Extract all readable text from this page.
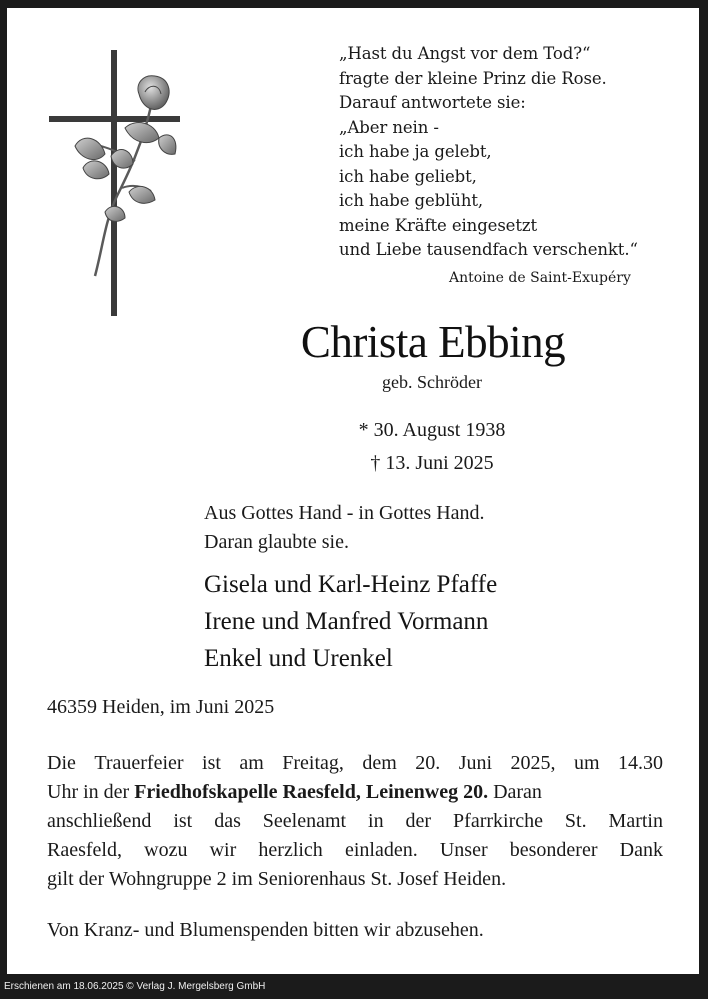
„Hast du Angst vor dem Tod?“
fragte der kleine Prinz die Rose.
Darauf antwortete sie:
„Aber nein -
ich habe ja gelebt,
ich habe geliebt,
ich habe geblüht,
meine Kräfte eingesetzt
und Liebe tausendfach verschenkt.“
Antoine de Saint-Exupéry
Christa Ebbing
geb. Schröder
* 30. August 1938
† 13. Juni 2025
Aus Gottes Hand - in Gottes Hand.
Daran glaubte sie.
Gisela und Karl-Heinz Pfaffe
Irene und Manfred Vormann
Enkel und Urenkel
46359 Heiden, im Juni 2025
Die Trauerfeier ist am Freitag, dem 20. Juni 2025, um 14.30
Uhr in der Friedhofskapelle Raesfeld, Leinenweg 20. Daran
anschließend ist das Seelenamt in der Pfarrkirche St. Martin
Raesfeld, wozu wir herzlich einladen. Unser besonderer Dank
gilt der Wohngruppe 2 im Seniorenhaus St. Josef Heiden.
Von Kranz- und Blumenspenden bitten wir abzusehen.
Erschienen am 18.06.2025 © Verlag J. Mergelsberg GmbH
